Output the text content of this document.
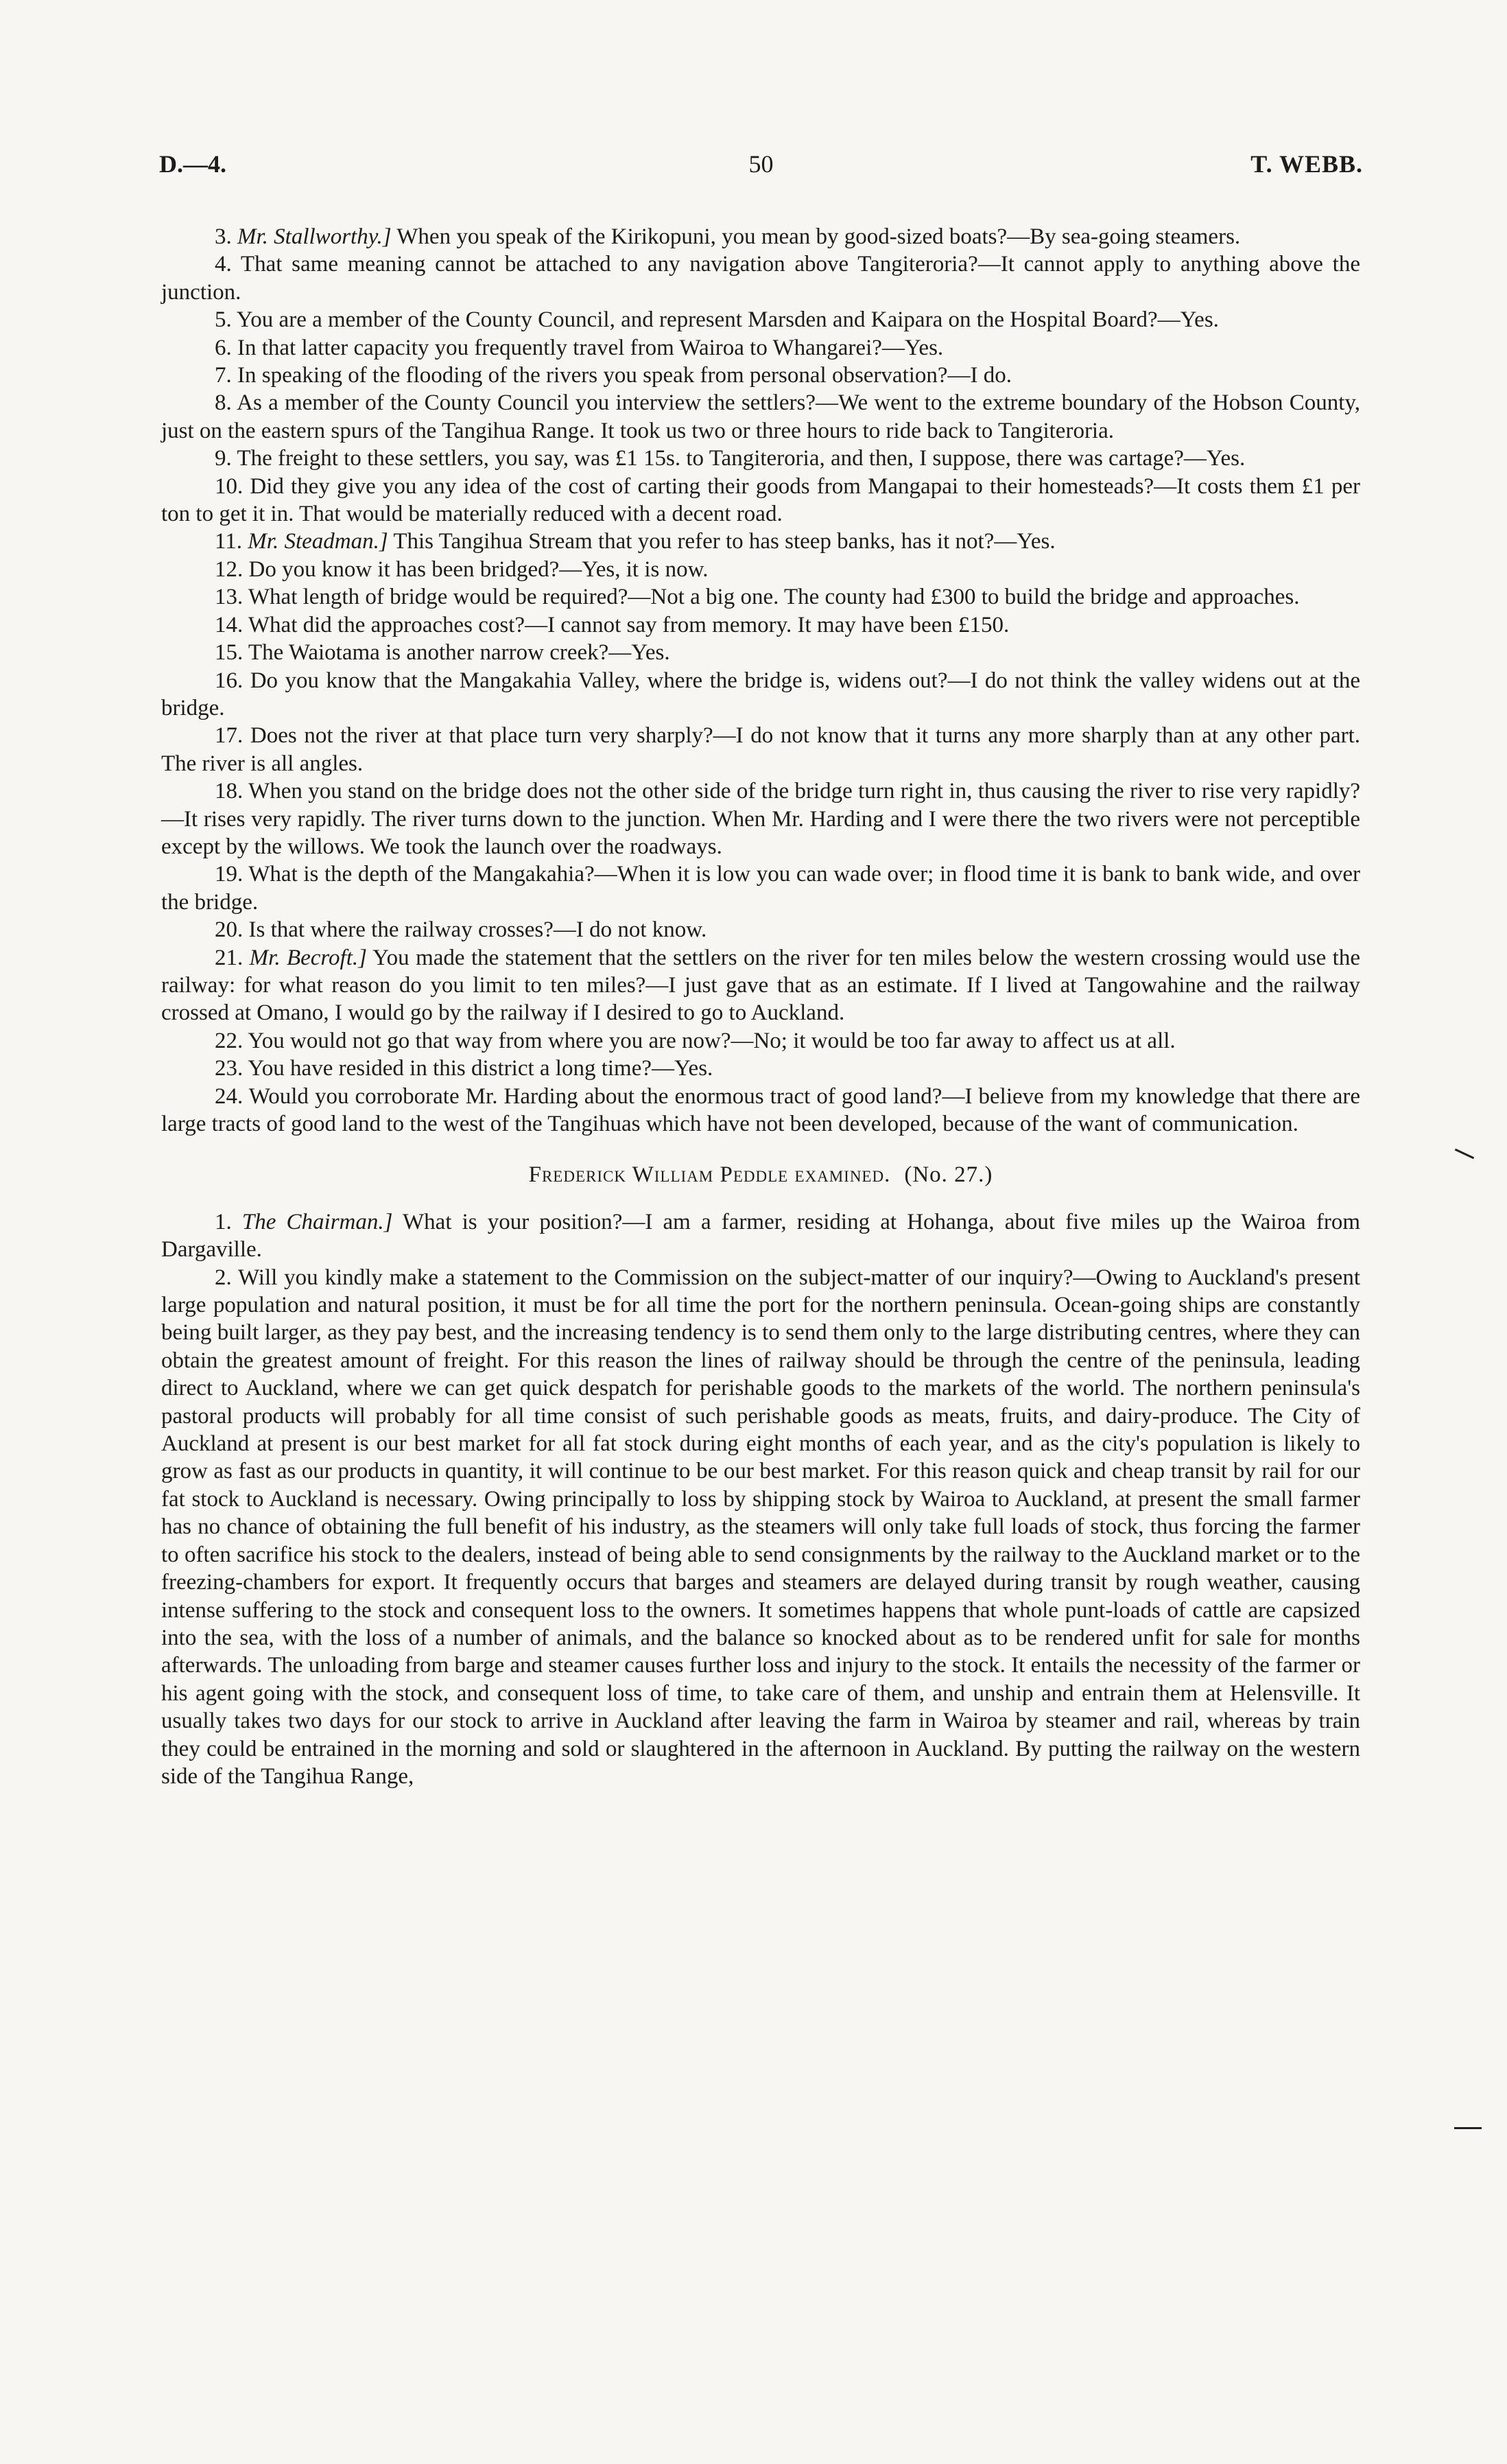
D.—4.	50	T. WEBB.

3. Mr. Stallworthy.] When you speak of the Kirikopuni, you mean by good-sized boats?—By sea-going steamers.

4. That same meaning cannot be attached to any navigation above Tangiteroria?—It cannot apply to anything above the junction.

5. You are a member of the County Council, and represent Marsden and Kaipara on the Hospital Board?—Yes.

6. In that latter capacity you frequently travel from Wairoa to Whangarei?—Yes.

7. In speaking of the flooding of the rivers you speak from personal observation?—I do.

8. As a member of the County Council you interview the settlers?—We went to the extreme boundary of the Hobson County, just on the eastern spurs of the Tangihua Range. It took us two or three hours to ride back to Tangiteroria.

9. The freight to these settlers, you say, was £1 15s. to Tangiteroria, and then, I suppose, there was cartage?—Yes.

10. Did they give you any idea of the cost of carting their goods from Mangapai to their homesteads?—It costs them £1 per ton to get it in. That would be materially reduced with a decent road.

11. Mr. Steadman.] This Tangihua Stream that you refer to has steep banks, has it not?—Yes.

12. Do you know it has been bridged?—Yes, it is now.

13. What length of bridge would be required?—Not a big one. The county had £300 to build the bridge and approaches.

14. What did the approaches cost?—I cannot say from memory. It may have been £150.

15. The Waiotama is another narrow creek?—Yes.

16. Do you know that the Mangakahia Valley, where the bridge is, widens out?—I do not think the valley widens out at the bridge.

17. Does not the river at that place turn very sharply?—I do not know that it turns any more sharply than at any other part. The river is all angles.

18. When you stand on the bridge does not the other side of the bridge turn right in, thus causing the river to rise very rapidly?—It rises very rapidly. The river turns down to the junction. When Mr. Harding and I were there the two rivers were not perceptible except by the willows. We took the launch over the roadways.

19. What is the depth of the Mangakahia?—When it is low you can wade over; in flood time it is bank to bank wide, and over the bridge.

20. Is that where the railway crosses?—I do not know.

21. Mr. Becroft.] You made the statement that the settlers on the river for ten miles below the western crossing would use the railway: for what reason do you limit to ten miles?—I just gave that as an estimate. If I lived at Tangowahine and the railway crossed at Omano, I would go by the railway if I desired to go to Auckland.

22. You would not go that way from where you are now?—No; it would be too far away to affect us at all.

23. You have resided in this district a long time?—Yes.

24. Would you corroborate Mr. Harding about the enormous tract of good land?—I believe from my knowledge that there are large tracts of good land to the west of the Tangihuas which have not been developed, because of the want of communication.

Frederick William Peddle examined. (No. 27.)

1. The Chairman.] What is your position?—I am a farmer, residing at Hohanga, about five miles up the Wairoa from Dargaville.

2. Will you kindly make a statement to the Commission on the subject-matter of our inquiry?—Owing to Auckland's present large population and natural position, it must be for all time the port for the northern peninsula. Ocean-going ships are constantly being built larger, as they pay best, and the increasing tendency is to send them only to the large distributing centres, where they can obtain the greatest amount of freight. For this reason the lines of railway should be through the centre of the peninsula, leading direct to Auckland, where we can get quick despatch for perishable goods to the markets of the world. The northern peninsula's pastoral products will probably for all time consist of such perishable goods as meats, fruits, and dairy-produce. The City of Auckland at present is our best market for all fat stock during eight months of each year, and as the city's population is likely to grow as fast as our products in quantity, it will continue to be our best market. For this reason quick and cheap transit by rail for our fat stock to Auckland is necessary. Owing principally to loss by shipping stock by Wairoa to Auckland, at present the small farmer has no chance of obtaining the full benefit of his industry, as the steamers will only take full loads of stock, thus forcing the farmer to often sacrifice his stock to the dealers, instead of being able to send consignments by the railway to the Auckland market or to the freezing-chambers for export. It frequently occurs that barges and steamers are delayed during transit by rough weather, causing intense suffering to the stock and consequent loss to the owners. It sometimes happens that whole punt-loads of cattle are capsized into the sea, with the loss of a number of animals, and the balance so knocked about as to be rendered unfit for sale for months afterwards. The unloading from barge and steamer causes further loss and injury to the stock. It entails the necessity of the farmer or his agent going with the stock, and consequent loss of time, to take care of them, and unship and entrain them at Helensville. It usually takes two days for our stock to arrive in Auckland after leaving the farm in Wairoa by steamer and rail, whereas by train they could be entrained in the morning and sold or slaughtered in the afternoon in Auckland. By putting the railway on the western side of the Tangihua Range,
